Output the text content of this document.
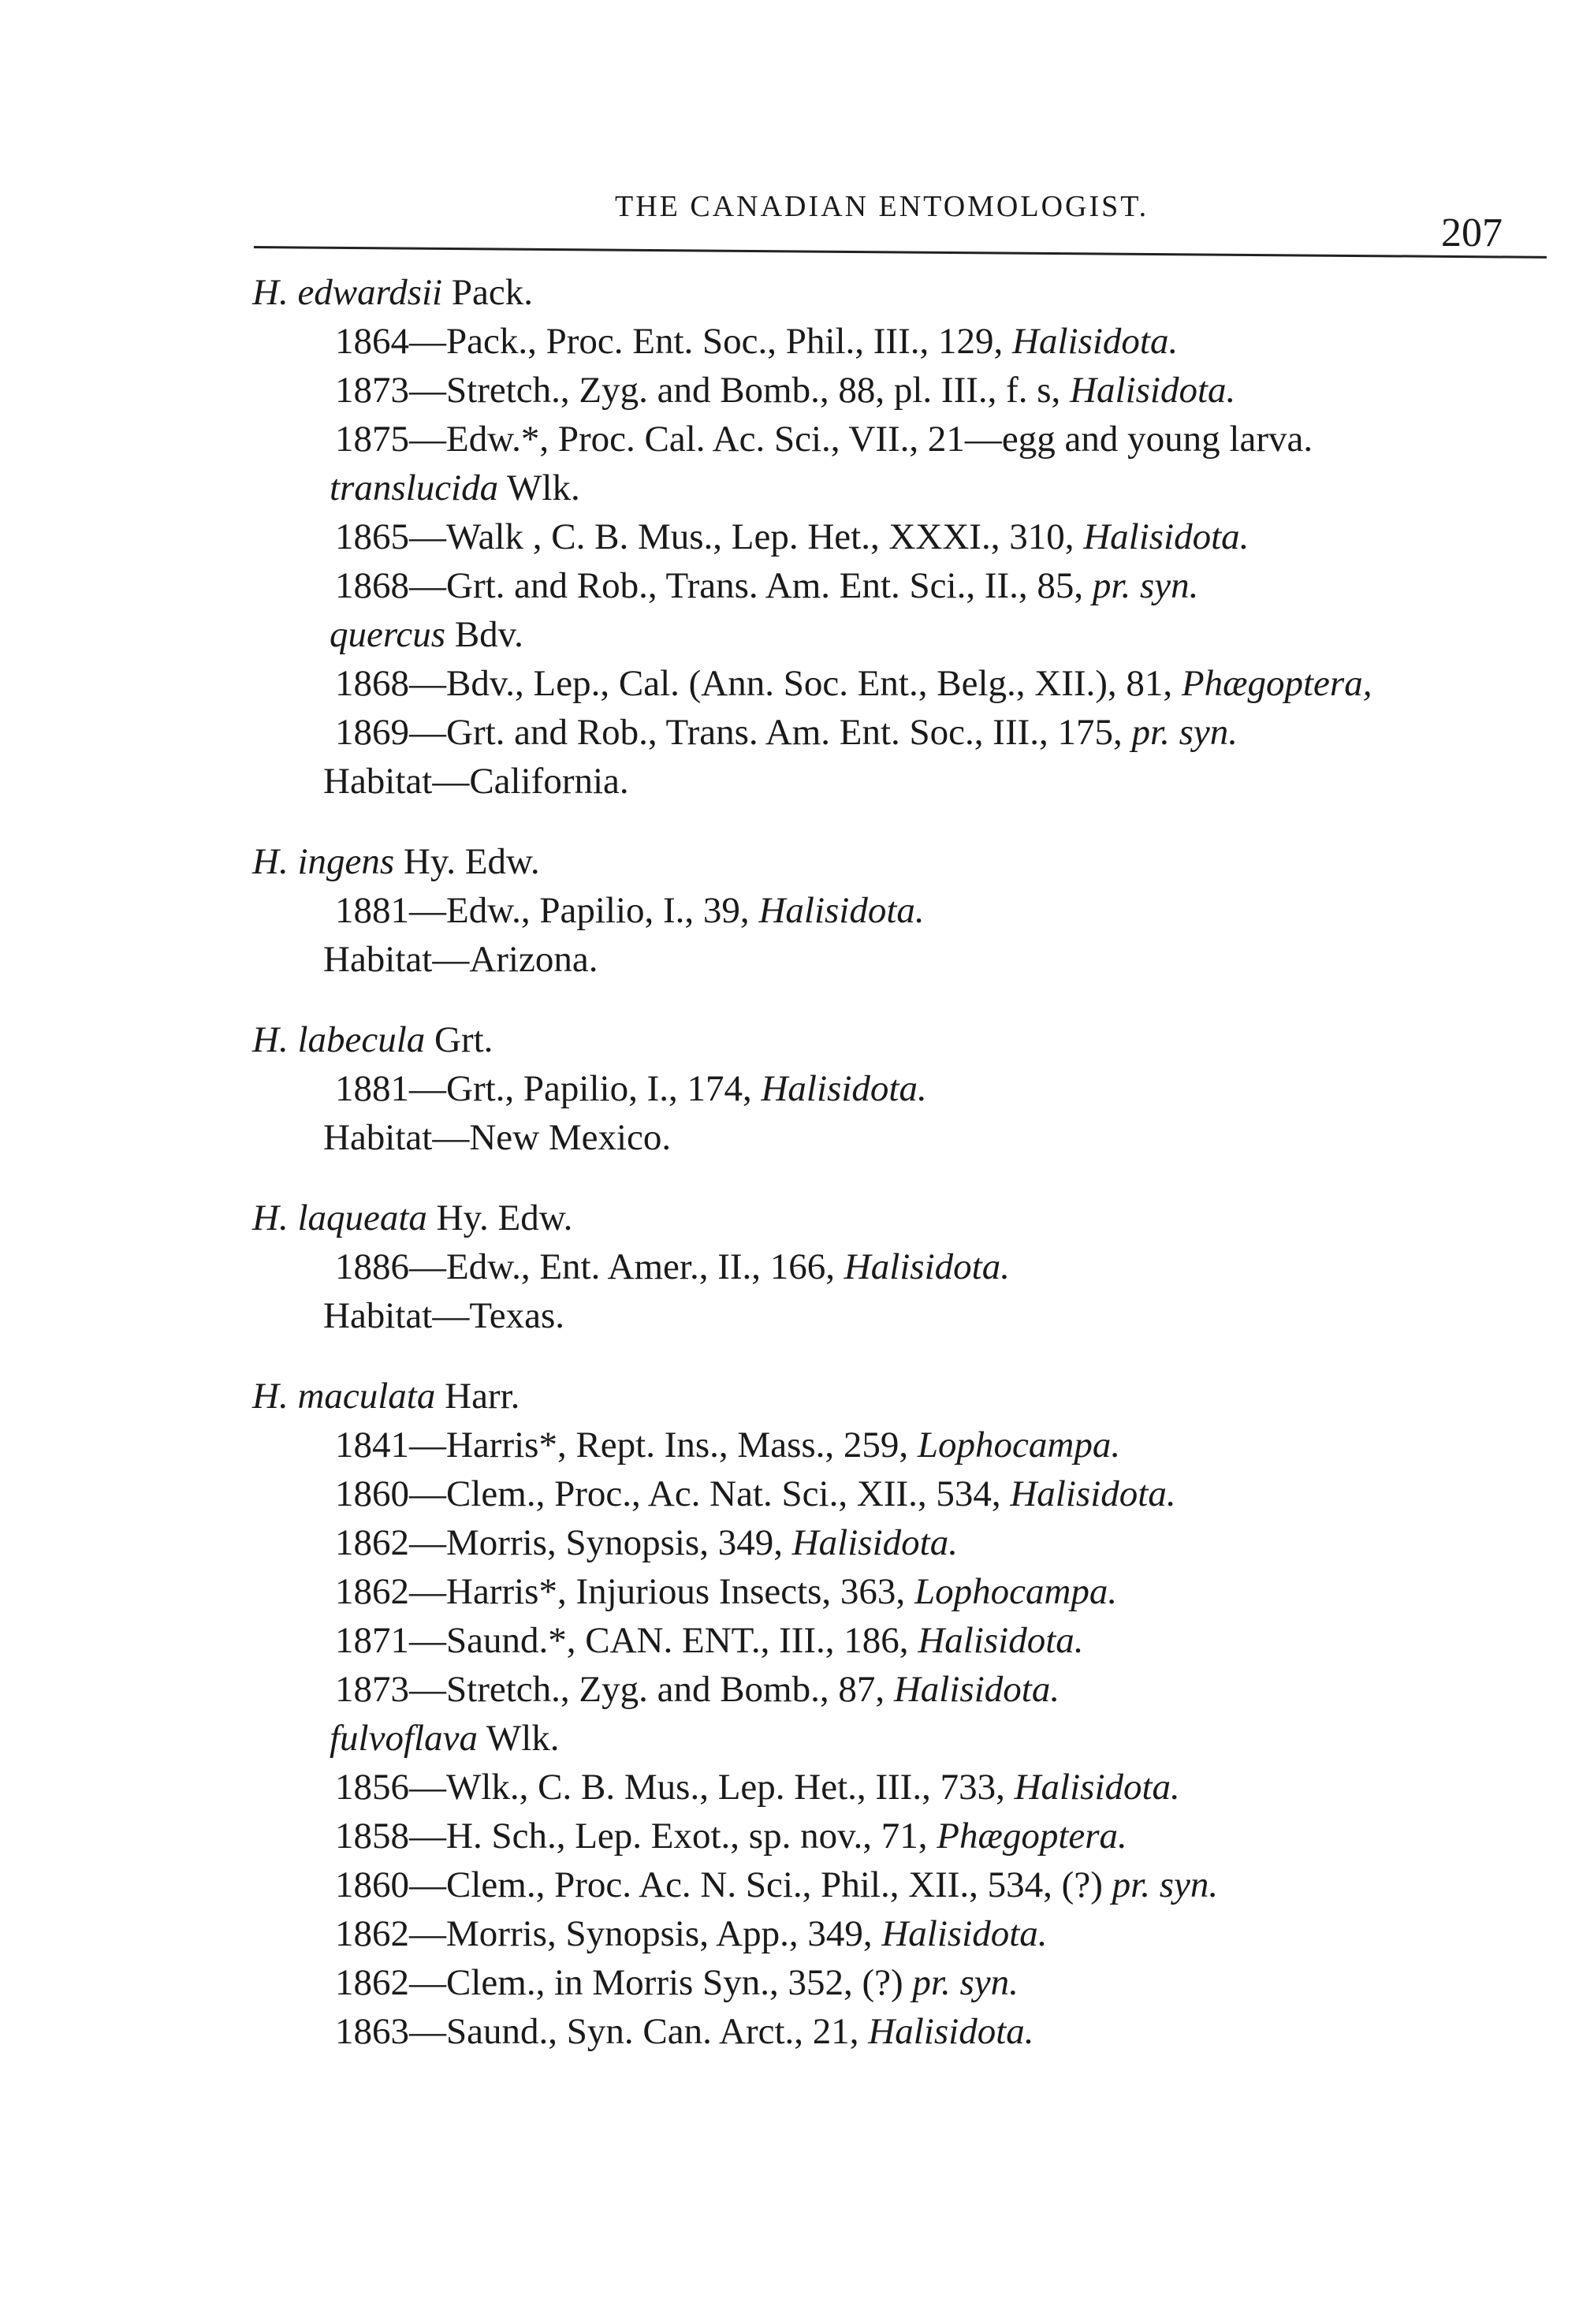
THE CANADIAN ENTOMOLOGIST.
207
H. edwardsii Pack.
1864—Pack., Proc. Ent. Soc., Phil., III., 129, Halisidota.
1873—Stretch., Zyg. and Bomb., 88, pl. III., f. s, Halisidota.
1875—Edw.*, Proc. Cal. Ac. Sci., VII., 21—egg and young larva.
translucida Wlk.
1865—Walk , C. B. Mus., Lep. Het., XXXI., 310, Halisidota.
1868—Grt. and Rob., Trans. Am. Ent. Sci., II., 85, pr. syn.
quercus Bdv.
1868—Bdv., Lep., Cal. (Ann. Soc. Ent., Belg., XII.), 81, Phægoptera,
1869—Grt. and Rob., Trans. Am. Ent. Soc., III., 175, pr. syn.
Habitat—California.
H. ingens Hy. Edw.
1881—Edw., Papilio, I., 39, Halisidota.
Habitat—Arizona.
H. labecula Grt.
1881—Grt., Papilio, I., 174, Halisidota.
Habitat—New Mexico.
H. laqueata Hy. Edw.
1886—Edw., Ent. Amer., II., 166, Halisidota.
Habitat—Texas.
H. maculata Harr.
1841—Harris*, Rept. Ins., Mass., 259, Lophocampa.
1860—Clem., Proc., Ac. Nat. Sci., XII., 534, Halisidota.
1862—Morris, Synopsis, 349, Halisidota.
1862—Harris*, Injurious Insects, 363, Lophocampa.
1871—Saund.*, CAN. ENT., III., 186, Halisidota.
1873—Stretch., Zyg. and Bomb., 87, Halisidota.
fulvoflava Wlk.
1856—Wlk., C. B. Mus., Lep. Het., III., 733, Halisidota.
1858—H. Sch., Lep. Exot., sp. nov., 71, Phægoptera.
1860—Clem., Proc. Ac. N. Sci., Phil., XII., 534, (?) pr. syn.
1862—Morris, Synopsis, App., 349, Halisidota.
1862—Clem., in Morris Syn., 352, (?) pr. syn.
1863—Saund., Syn. Can. Arct., 21, Halisidota.
